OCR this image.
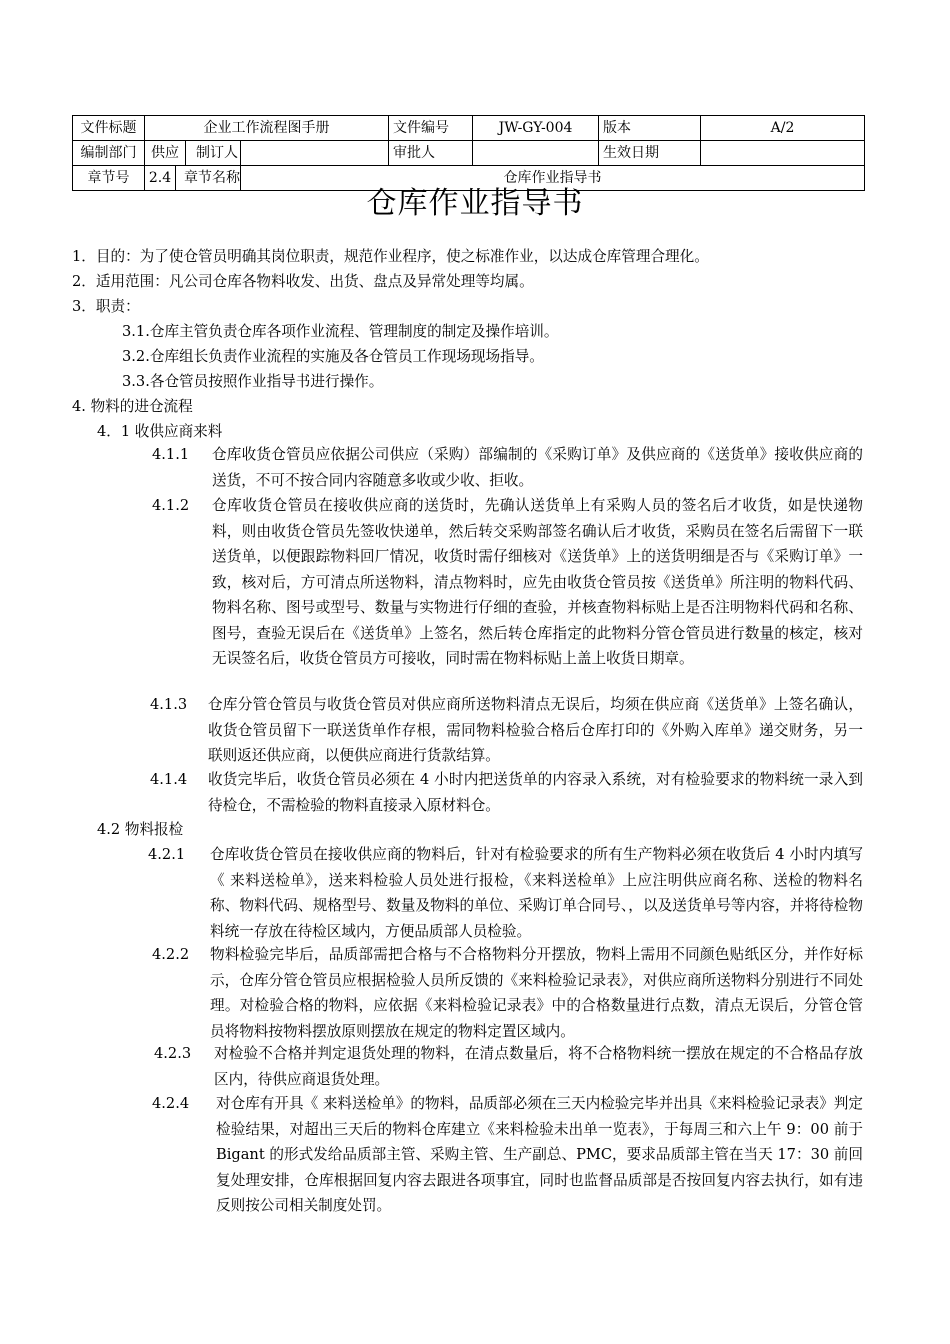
文件标题	企业工作流程图手册		文件编号	JW-GY-004	版本	A/2
编制部门	供应 制订人		审批人		生效日期	
章节号	2.4 章节名称	仓库作业指导书				
仓库作业指导书
1．目的：为了使仓管员明确其岗位职责，规范作业程序，使之标准作业，以达成仓库管理合理化。
2．适用范围：凡公司仓库各物料收发、出货、盘点及异常处理等均属。
3．职责：
3.1.仓库主管负责仓库各项作业流程、管理制度的制定及操作培训。
3.2.仓库组长负责作业流程的实施及各仓管员工作现场现场指导。
3.3.各仓管员按照作业指导书进行操作。
4. 物料的进仓流程
4．1 收供应商来料
4.1.1 仓库收货仓管员应依据公司供应（采购）部编制的《采购订单》及供应商的《送货单》接收供应商的送货，不可不按合同内容随意多收或少收、拒收。
4.1.2 仓库收货仓管员在接收供应商的送货时，先确认送货单上有采购人员的签名后才收货，如是快递物料，则由收货仓管员先签收快递单，然后转交采购部签名确认后才收货，采购员在签名后需留下一联送货单，以便跟踪物料回厂情况，收货时需仔细核对《送货单》上的送货明细是否与《采购订单》一致，核对后，方可清点所送物料，清点物料时，应先由收货仓管员按《送货单》所注明的物料代码、物料名称、图号或型号、数量与实物进行仔细的查验，并核查物料标贴上是否注明物料代码和名称、图号，查验无误后在《送货单》上签名，然后转仓库指定的此物料分管仓管员进行数量的核定，核对无误签名后，收货仓管员方可接收，同时需在物料标贴上盖上收货日期章。
4.1.3 仓库分管仓管员与收货仓管员对供应商所送物料清点无误后，均须在供应商《送货单》上签名确认，收货仓管员留下一联送货单作存根，需同物料检验合格后仓库打印的《外购入库单》递交财务，另一联则返还供应商，以便供应商进行货款结算。
4.1.4 收货完毕后，收货仓管员必须在 4 小时内把送货单的内容录入系统，对有检验要求的物料统一录入到待检仓，不需检验的物料直接录入原材料仓。
4.2 物料报检
4.2.1 仓库收货仓管员在接收供应商的物料后，针对有检验要求的所有生产物料必须在收货后 4 小时内填写《 来料送检单》，送来料检验人员处进行报检，《来料送检单》上应注明供应商名称、送检的物料名称、物料代码、规格型号、数量及物料的单位、采购订单合同号、，以及送货单号等内容，并将待检物料统一存放在待检区域内，方便品质部人员检验。
4.2.2 物料检验完毕后，品质部需把合格与不合格物料分开摆放，物料上需用不同颜色贴纸区分，并作好标示，仓库分管仓管员应根据检验人员所反馈的《来料检验记录表》，对供应商所送物料分别进行不同处理。对检验合格的物料，应依据《来料检验记录表》中的合格数量进行点数，清点无误后，分管仓管员将物料按物料摆放原则摆放在规定的物料定置区域内。
4.2.3 对检验不合格并判定退货处理的物料，在清点数量后，将不合格物料统一摆放在规定的不合格品存放区内，待供应商退货处理。
4.2.4 对仓库有开具《 来料送检单》的物料，品质部必须在三天内检验完毕并出具《来料检验记录表》判定检验结果，对超出三天后的物料仓库建立《来料检验未出单一览表》，于每周三和六上午 9：00 前于 Bigant 的形式发给品质部主管、采购主管、生产副总、PMC，要求品质部主管在当天 17：30 前回复处理安排，仓库根据回复内容去跟进各项事宜，同时也监督品质部是否按回复内容去执行，如有违反则按公司相关制度处罚。
